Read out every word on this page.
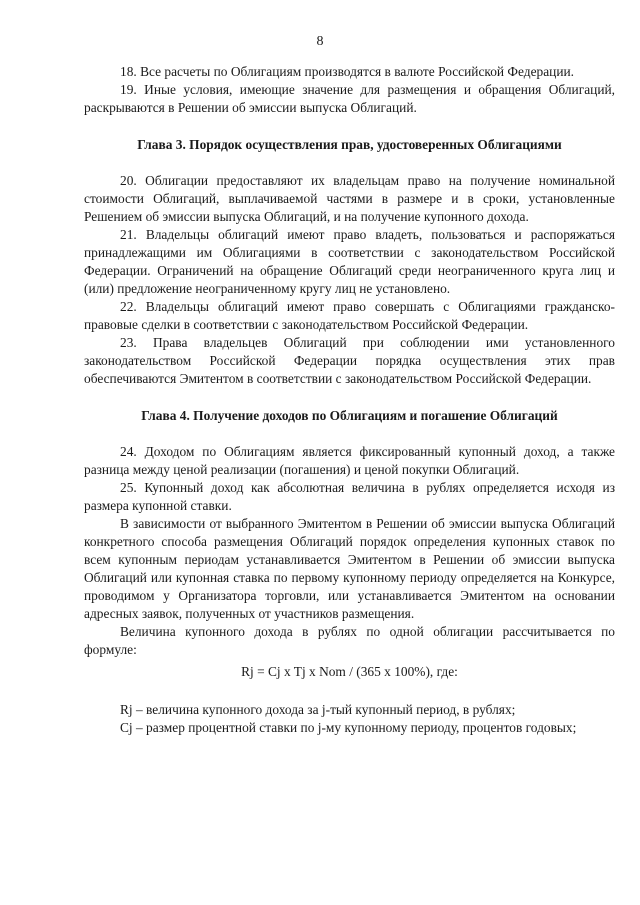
8

18. Все расчеты по Облигациям производятся в валюте Российской Федерации.

19. Иные условия, имеющие значение для размещения и обращения Облигаций, раскрываются в Решении об эмиссии выпуска Облигаций.

Глава 3. Порядок осуществления прав, удостоверенных Облигациями

20. Облигации предоставляют их владельцам право на получение номинальной стоимости Облигаций, выплачиваемой частями в размере и в сроки, установленные Решением об эмиссии выпуска Облигаций, и на получение купонного дохода.

21. Владельцы облигаций имеют право владеть, пользоваться и распоряжаться принадлежащими им Облигациями в соответствии с законодательством Российской Федерации. Ограничений на обращение Облигаций среди неограниченного круга лиц и (или) предложение неограниченному кругу лиц не установлено.

22. Владельцы облигаций имеют право совершать с Облигациями гражданско-правовые сделки в соответствии с законодательством Российской Федерации.

23. Права владельцев Облигаций при соблюдении ими установленного законодательством Российской Федерации порядка осуществления этих прав обеспечиваются Эмитентом в соответствии с законодательством Российской Федерации.

Глава 4. Получение доходов по Облигациям и погашение Облигаций

24. Доходом по Облигациям является фиксированный купонный доход, а также разница между ценой реализации (погашения) и ценой покупки Облигаций.

25. Купонный доход как абсолютная величина в рублях определяется исходя из размера купонной ставки.

В зависимости от выбранного Эмитентом в Решении об эмиссии выпуска Облигаций конкретного способа размещения Облигаций порядок определения купонных ставок по всем купонным периодам устанавливается Эмитентом в Решении об эмиссии выпуска Облигаций или купонная ставка по первому купонному периоду определяется на Конкурсе, проводимом у Организатора торговли, или устанавливается Эмитентом на основании адресных заявок, полученных от участников размещения.

Величина купонного дохода в рублях по одной облигации рассчитывается по формуле:

Rj = Cj x Tj x Nom / (365 x 100%), где:

Rj – величина купонного дохода за j-тый купонный период, в рублях;

Cj – размер процентной ставки по j-му купонному периоду, процентов годовых;
